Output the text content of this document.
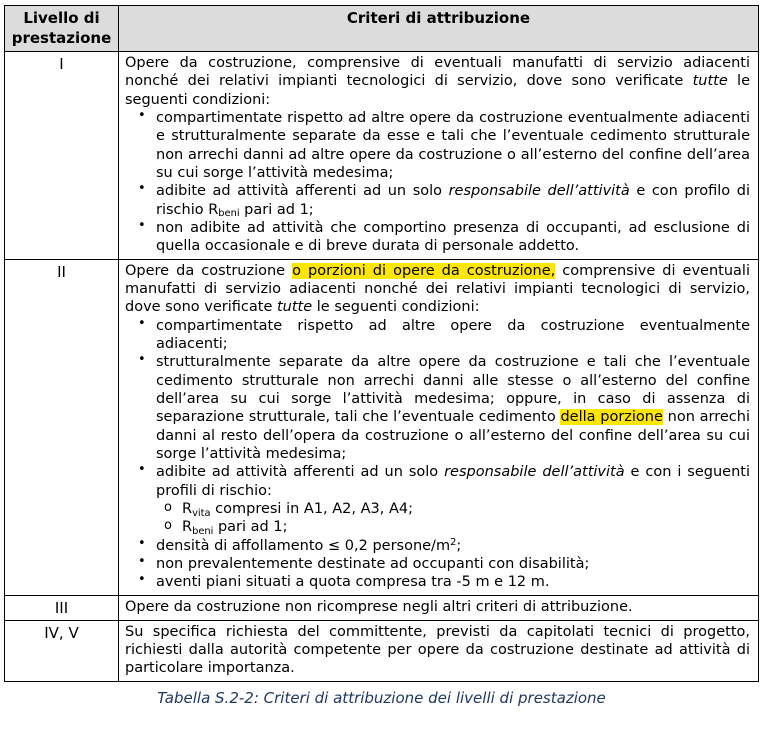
Livello di prestazione	Criteri di attribuzione
I	Opere da costruzione, comprensive di eventuali manufatti di servizio adiacenti nonché dei relativi impianti tecnologici di servizio, dove sono verificate tutte le seguenti condizioni:
• compartimentate rispetto ad altre opere da costruzione eventualmente adiacenti e strutturalmente separate da esse e tali che l’eventuale cedimento strutturale non arrechi danni ad altre opere da costruzione o all’esterno del confine dell’area su cui sorge l’attività medesima;
• adibite ad attività afferenti ad un solo responsabile dell’attività e con profilo di rischio $R_{beni}$ pari ad 1;
• non adibite ad attività che comportino presenza di occupanti, ad esclusione di quella occasionale e di breve durata di personale addetto.

II	Opere da costruzione o porzioni di opere da costruzione, comprensive di eventuali manufatti di servizio adiacenti nonché dei relativi impianti tecnologici di servizio, dove sono verificate tutte le seguenti condizioni:
• compartimentate rispetto ad altre opere da costruzione eventualmente adiacenti;
• strutturalmente separate da altre opere da costruzione e tali che l’eventuale cedimento strutturale non arrechi danni alle stesse o all’esterno del confine dell’area su cui sorge l’attività medesima; oppure, in caso di assenza di separazione strutturale, tali che l’eventuale cedimento della porzione non arrechi danni al resto dell’opera da costruzione o all’esterno del confine dell’area su cui sorge l’attività medesima;
• adibite ad attività afferenti ad un solo responsabile dell’attività e con i seguenti profili di rischio:
o $R_{vita}$ compresi in A1, A2, A3, A4;
o $R_{beni}$ pari ad 1;
• densità di affollamento ≤ 0,2 persone/$m^2$;
• non prevalentemente destinate ad occupanti con disabilità;
• aventi piani situati a quota compresa tra -5 m e 12 m.

III	Opere da costruzione non ricomprese negli altri criteri di attribuzione.

IV, V	Su specifica richiesta del committente, previsti da capitolati tecnici di progetto, richiesti dalla autorità competente per opere da costruzione destinate ad attività di particolare importanza.
Tabella S.2-2: Criteri di attribuzione dei livelli di prestazione
